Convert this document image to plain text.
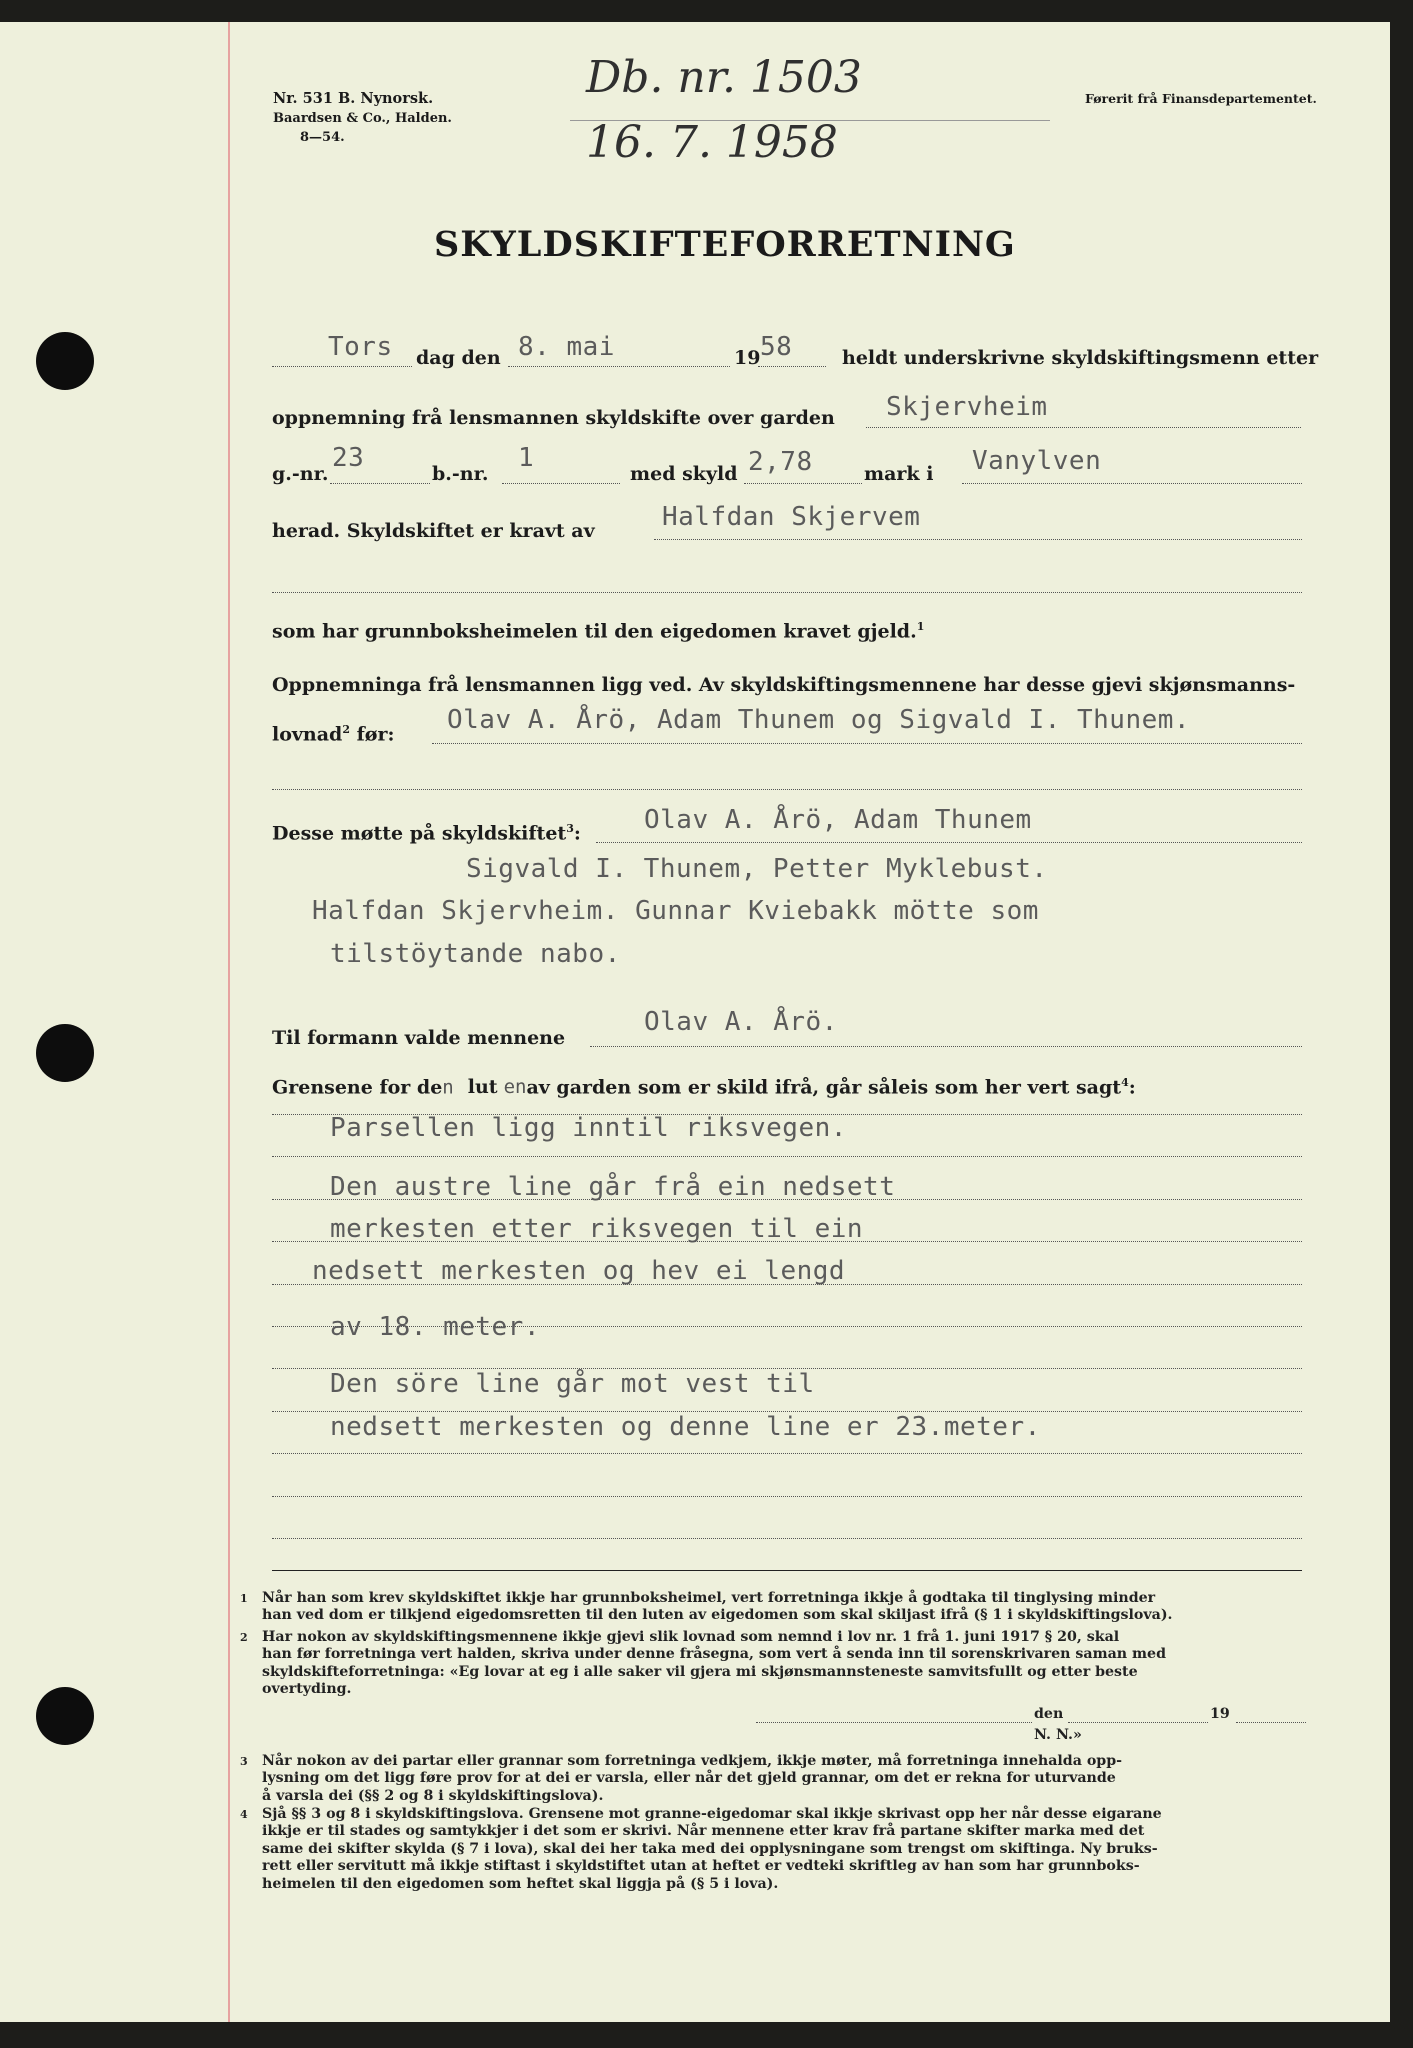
Nr. 531 B. Nynorsk.
Baardsen & Co., Halden.
8—54.
Førerit frå Finansdepartementet.
Db. nr. 1503
16. 7. 1958
SKYLDSKIFTEFORRETNING
Tors dag den 8. mai	19 58	heldt underskrivne skyldskiftingsmenn etter
oppnemning frå lensmannen skyldskifte over garden Skjervheim
g.-nr.
23
b.-nr.
1
med skyld 2,78	mark i Vanylven
herad. Skyldskiftet er kravt av	Halfdan Skjervem
som har grunnboksheimelen til den eigedomen kravet gjeld.$^1$
Oppnemninga frå lensmannen ligg ved. Av skyldskiftingsmennene har desse gjevi skjønsmanns-
lovnad$^2$ før: Olav A. Årö, Adam Thunem og Sigvald I. Thunem.
Desse møtte på skyldskiftet$^3$: Olav A. Årö, Adam Thunem
Sigvald I. Thunem, Petter Myklebust.
Halfdan Skjervheim. Gunnar Kviebakk mötte som
tilstöytande nabo.
Til formann valde mennene
Olav A. Årö.
Grensene for den lut enav garden som er skild ifrå, går såleis som her vert sagt$^4$:
Parsellen ligg inntil riksvegen.
Den austre line går frå ein nedsett
merkesten etter riksvegen til ein
nedsett merkesten og hev ei lengd
av 18. meter.
Den söre line går mot vest til
nedsett merkesten og denne line er 23.meter.
1 Når han som krev skyldskiftet ikkje har grunnboksheimel, vert forretninga ikkje å godtaka til tinglysing minder
han ved dom er tilkjend eigedomsretten til den luten av eigedomen som skal skiljast ifrå (§ 1 i skyldskiftingslova).
2 Har nokon av skyldskiftingsmennene ikkje gjevi slik lovnad som nemnd i lov nr. 1 frå 1. juni 1917 § 20, skal
han før forretninga vert halden, skriva under denne fråsegna, som vert å senda inn til sorenskrivaren saman med
skyldskifteforretninga: «Eg lovar at eg i alle saker vil gjera mi skjønsmannsteneste samvitsfullt og etter beste
overtyding.
den	19
N. N.»
3 Når nokon av dei partar eller grannar som forretninga vedkjem, ikkje møter, må forretninga innehalda opp-
lysning om det ligg føre prov for at dei er varsla, eller når det gjeld grannar, om det er rekna for uturvande
å varsla dei (§§ 2 og 8 i skyldskiftingslova).
4 Sjå §§ 3 og 8 i skyldskiftingslova. Grensene mot granne-eigedomar skal ikkje skrivast opp her når desse eigarane
ikkje er til stades og samtykkjer i det som er skrivi. Når mennene etter krav frå partane skifter marka med det
same dei skifter skylda (§ 7 i lova), skal dei her taka med dei opplysningane som trengst om skiftinga. Ny bruks-
rett eller servitutt må ikkje stiftast i skyldstiftet utan at heftet er vedteki skriftleg av han som har grunnboks-
heimelen til den eigedomen som heftet skal liggja på (§ 5 i lova).
